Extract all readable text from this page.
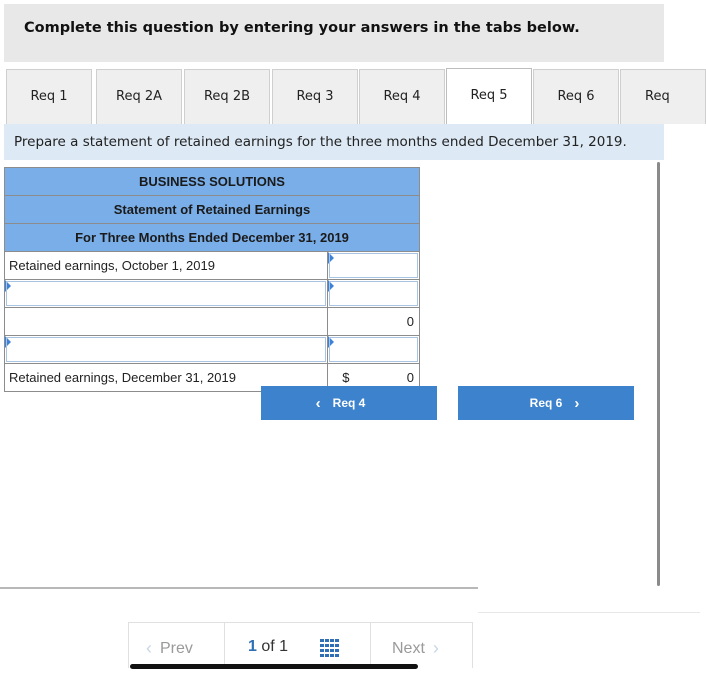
Complete this question by entering your answers in the tabs below.
Req 1	Req 2A	Req 2B	Req 3	Req 4	Req 5	Req 6	Req
Prepare a statement of retained earnings for the three months ended December 31, 2019.
BUSINESS SOLUTIONS	
Statement of Retained Earnings	
For Three Months Ended December 31, 2019	
Retained earnings, October 1, 2019	

	0

Retained earnings, December 31, 2019	$ 0
‹ Req 4	Req 6 ›
‹ Prev	1 of 1	Next ›
